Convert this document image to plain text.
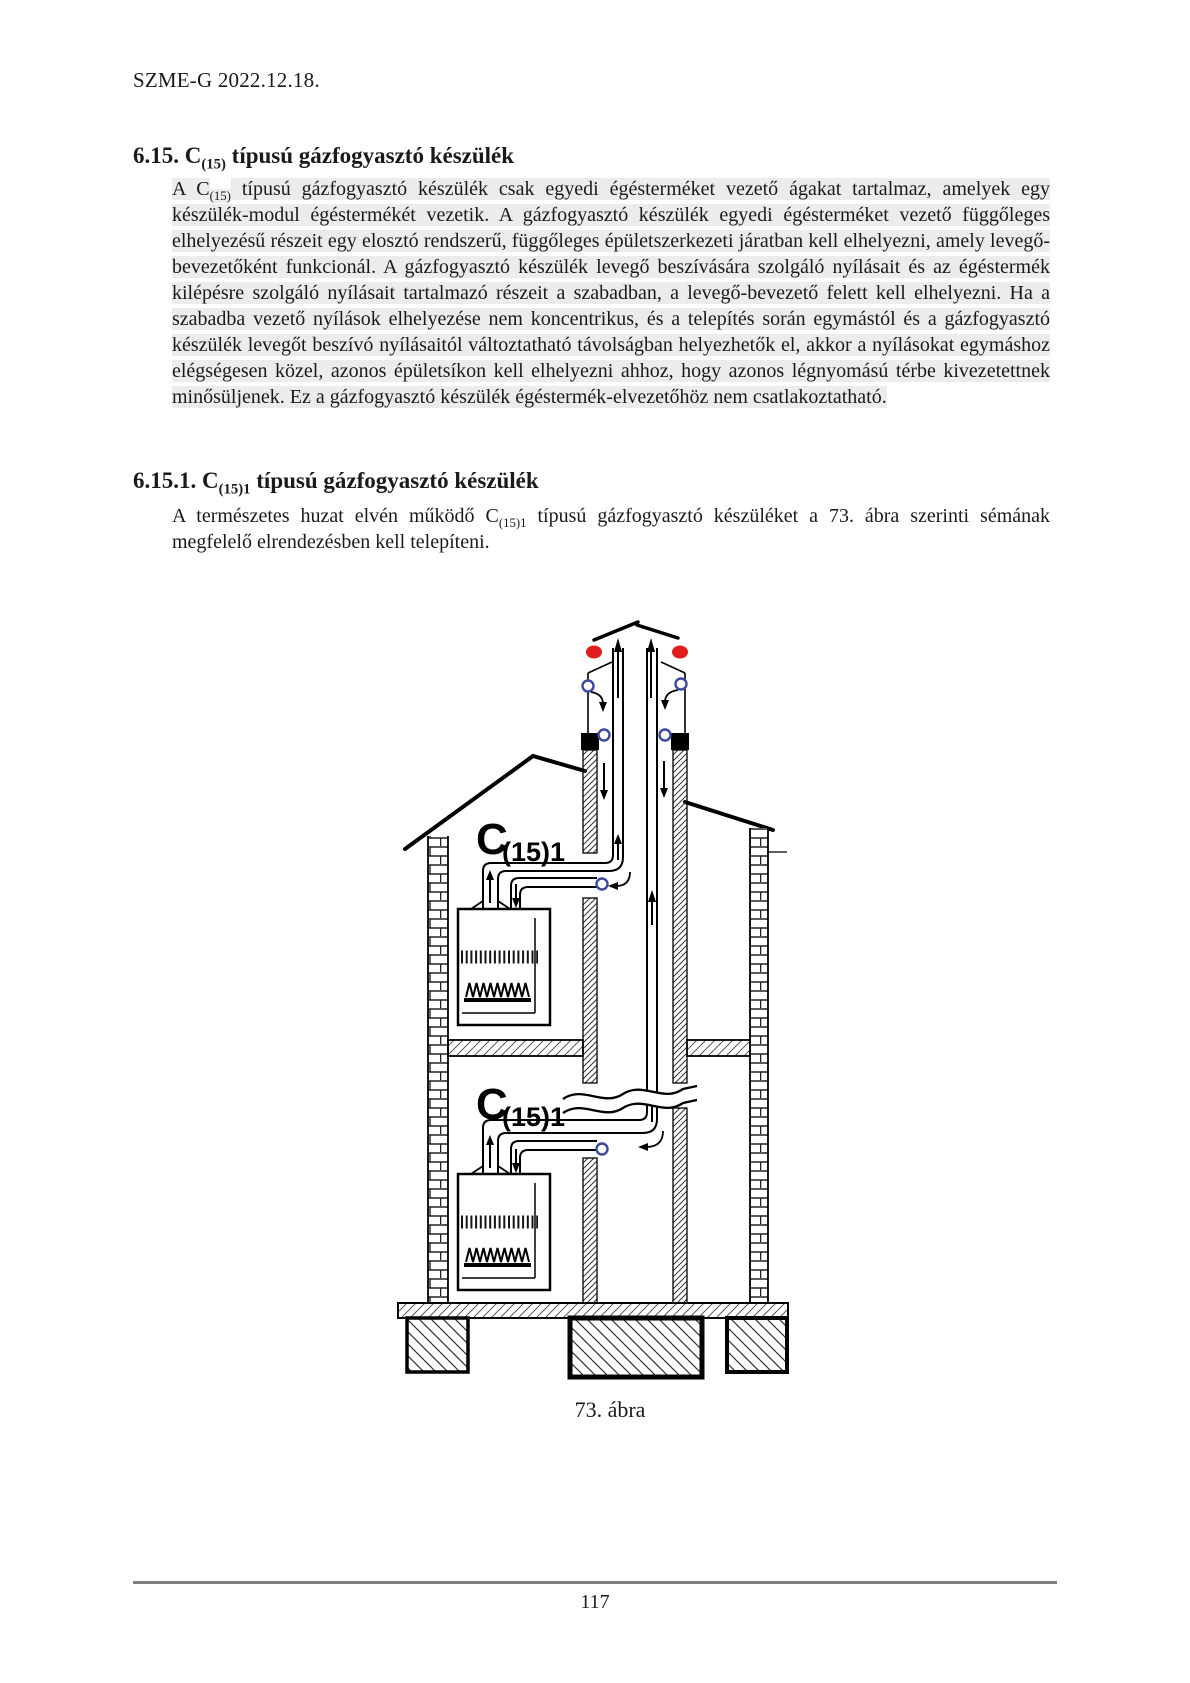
SZME-G 2022.12.18.
6.15. $C_{(15)}$ típusú gázfogyasztó készülék
A $C_{(15)}$ típusú gázfogyasztó készülék csak egyedi égésterméket vezető ágakat tartalmaz, amelyek egy készülék-modul égéstermékét vezetik. A gázfogyasztó készülék egyedi égésterméket vezető függőleges elhelyezésű részeit egy elosztó rendszerű, függőleges épületszerkezeti járatban kell elhelyezni, amely levegő-bevezetőként funkcionál. A gázfogyasztó készülék levegő beszívására szolgáló nyílásait és az égéstermék kilépésre szolgáló nyílásait tartalmazó részeit a szabadban, a levegő-bevezető felett kell elhelyezni. Ha a szabadba vezető nyílások elhelyezése nem koncentrikus, és a telepítés során egymástól és a gázfogyasztó készülék levegőt beszívó nyílásaitól változtatható távolságban helyezhetők el, akkor a nyílásokat egymáshoz elégségesen közel, azonos épületsíkon kell elhelyezni ahhoz, hogy azonos légnyomású térbe kivezetettnek minősüljenek. Ez a gázfogyasztó készülék égéstermék-elvezetőhöz nem csatlakoztatható.
6.15.1. $C_{(15)1}$ típusú gázfogyasztó készülék
A természetes huzat elvén működő $C_{(15)1}$ típusú gázfogyasztó készüléket a 73. ábra szerinti sémának megfelelő elrendezésben kell telepíteni.
C
(15)1
73. ábra
117
